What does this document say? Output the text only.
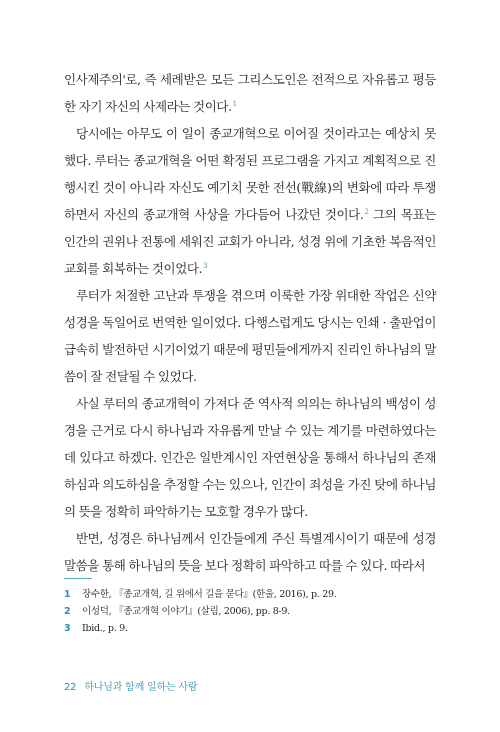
인사제주의'로, 즉 세례받은 모든 그리스도인은 전적으로 자유롭고 평등한 자기 자신의 사제라는 것이다.$^1$

당시에는 아무도 이 일이 종교개혁으로 이어질 것이라고는 예상치 못했다. 루터는 종교개혁을 어떤 확정된 프로그램을 가지고 계획적으로 진행시킨 것이 아니라 자신도 예기치 못한 전선(戰線)의 변화에 따라 투쟁하면서 자신의 종교개혁 사상을 가다듬어 나갔던 것이다.$^2$ 그의 목표는 인간의 권위나 전통에 세워진 교회가 아니라, 성경 위에 기초한 복음적인 교회를 회복하는 것이었다.$^3$

루터가 처절한 고난과 투쟁을 겪으며 이룩한 가장 위대한 작업은 신약성경을 독일어로 번역한 일이었다. 다행스럽게도 당시는 인쇄 · 출판업이 급속히 발전하던 시기이었기 때문에 평민들에게까지 진리인 하나님의 말씀이 잘 전달될 수 있었다.

사실 루터의 종교개혁이 가져다 준 역사적 의의는 하나님의 백성이 성경을 근거로 다시 하나님과 자유롭게 만날 수 있는 계기를 마련하였다는데 있다고 하겠다. 인간은 일반계시인 자연현상을 통해서 하나님의 존재하심과 의도하심을 추정할 수는 있으나, 인간이 죄성을 가진 탓에 하나님의 뜻을 정확히 파악하기는 모호할 경우가 많다.

반면, 성경은 하나님께서 인간들에게 주신 특별계시이기 때문에 성경 말씀을 통해 하나님의 뜻을 보다 정확히 파악하고 따를 수 있다. 따라서

1 장수한, 『종교개혁, 길 위에서 길을 묻다』(한울, 2016), p. 29.
2 이성덕, 『종교개혁 이야기』(살림, 2006), pp. 8-9.
3 Ibid., p. 9.
22 하나님과 함께 일하는 사람
